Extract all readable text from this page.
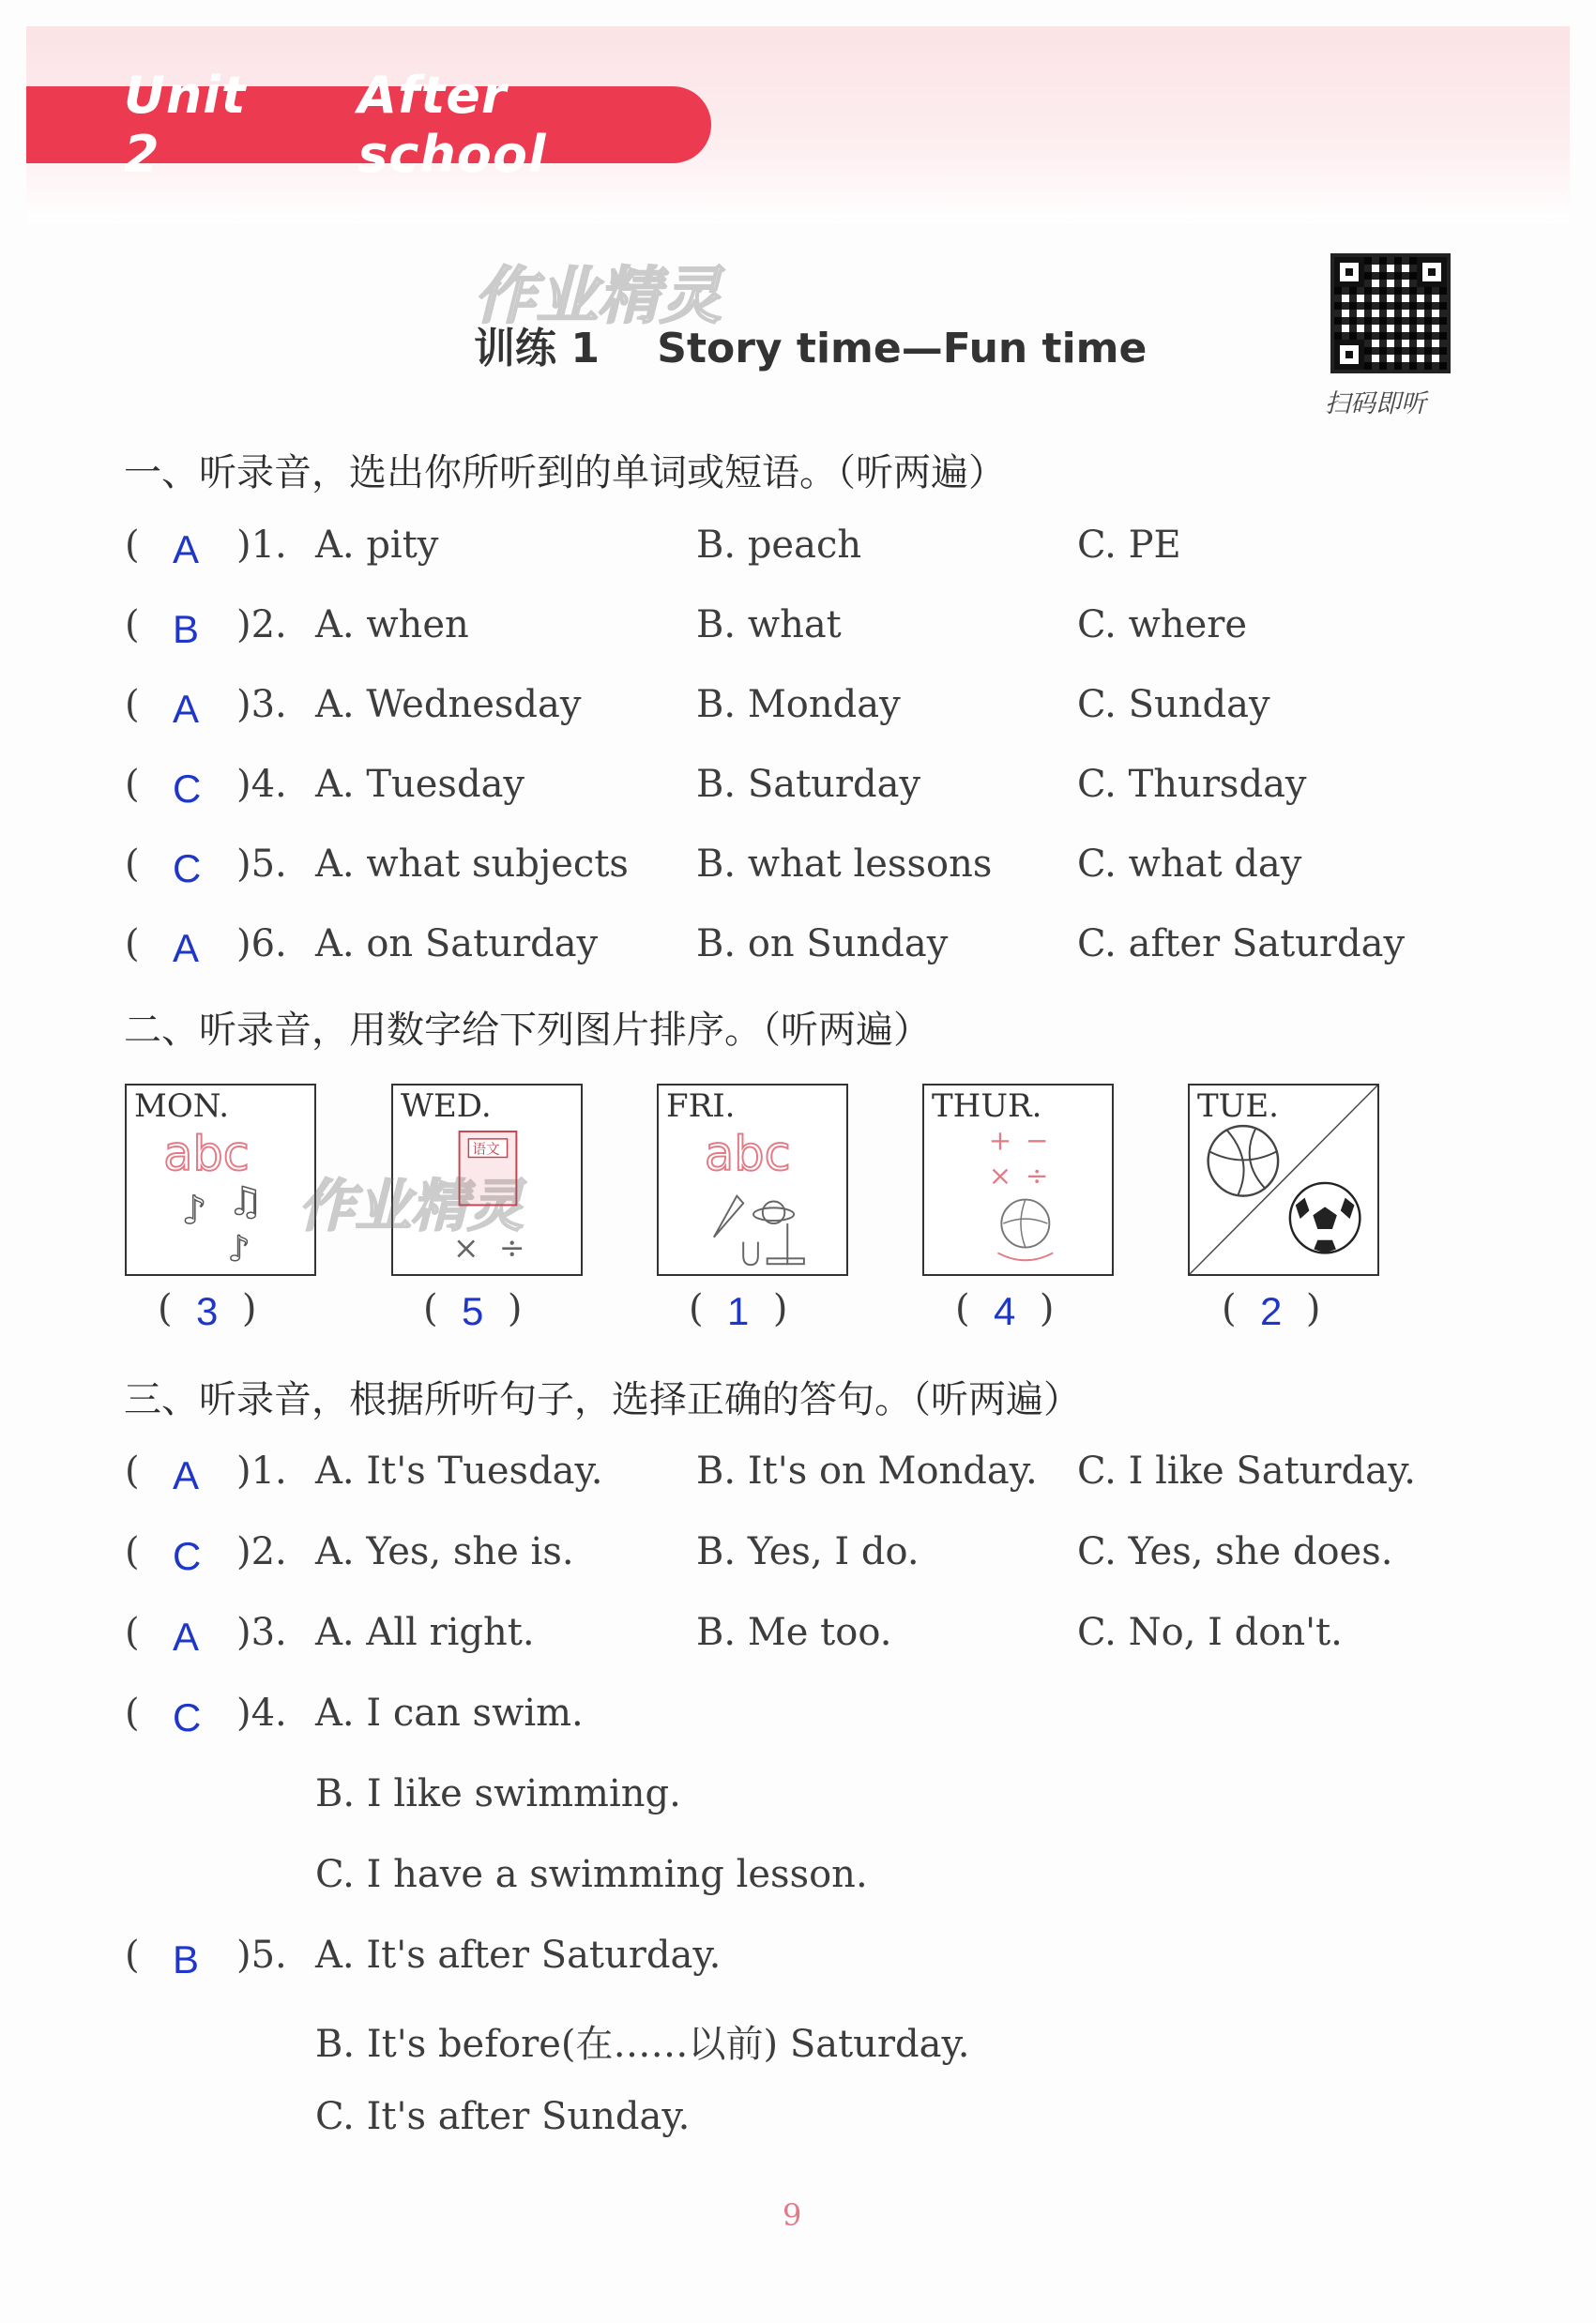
Unit 2
After school
作业精灵
训练 1 Story time—Fun time
扫码即听
一、听录音，选出你所听到的单词或短语。（听两遍）
( A )1. A. pity	B. peach	C. PE
( B )2. A. when	B. what	C. where
( A )3. A. Wednesday	B. Monday	C. Sunday
( C )4. A. Tuesday	B. Saturday	C. Thursday
( C )5. A. what subjects B. what lessons C. what day
( A )6. A. on Saturday	B. on Sunday	C. after Saturday
二、听录音，用数字给下列图片排序。（听两遍）
MON.
abc
♪ ♫
♪
WED.
语文
× ÷
FRI.
abc
THUR.
+ −
× ÷
TUE.
作业精灵
(  3  )	(  5  )	(  1  )	(  4  )	(  2  )
三、听录音，根据所听句子，选择正确的答句。（听两遍）
( A )1. A. It's Tuesday. B. It's on Monday. C. I like Saturday.
( C )2. A. Yes, she is.	B. Yes, I do.	C. Yes, she does.
( A )3. A. All right.	B. Me too.	C. No, I don't.
( C )4. A. I can swim.
B. I like swimming.
C. I have a swimming lesson.
( B )5. A. It's after Saturday.
B. It's before(在……以前) Saturday.
C. It's after Sunday.
9
